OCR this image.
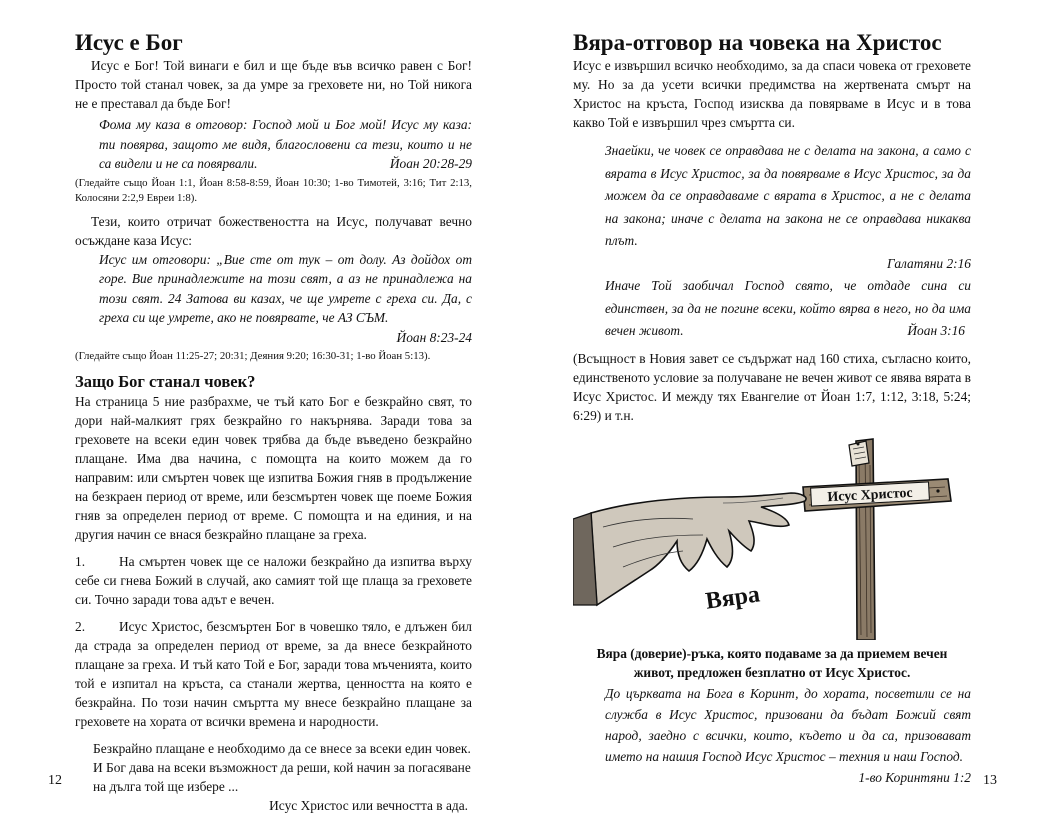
Исус е Бог

Исус е Бог! Той винаги е бил и ще бъде във всичко равен с Бог! Просто той станал човек, за да умре за греховете ни, но Той никога не е преставал да бъде Бог!

Фома му каза в отговор: Господ мой и Бог мой! Исус му каза: ти повярва, защото ме видя, благословени са тези, които и не са видели и не са повярвали.	Йоан 20:28-29

(Гледайте също Йоан 1:1, Йоан 8:58-8:59, Йоан 10:30; 1-во Тимотей, 3:16; Тит 2:13, Колосяни 2:2,9 Евреи 1:8).

Тези, които отричат божествеността на Исус, получават вечно осъждане каза Исус:

Исус им отговори: „Вие сте от тук – от долу. Аз дойдох от горе. Вие принадлежите на този свят, а аз не принадлежа на този свят. 24 Затова ви казах, че ще умрете с греха си. Да, с греха си ще умрете, ако не повярвате, че АЗ СЪМ.

Йоан 8:23-24

(Гледайте също Йоан 11:25-27; 20:31; Деяния 9:20; 16:30-31; 1-во Йоан 5:13).

Защо Бог станал човек?

На страница 5 ние разбрахме, че тъй като Бог е безкрайно свят, то дори най-малкият грях безкрайно го накърнява. Заради това за греховете на всеки един човек трябва да бъде въведено безкрайно плащане. Има два начина, с помощта на които можем да го направим: или смъртен човек ще изпитва Божия гняв в продължение на безкраен период от време, или безсмъртен човек ще поеме Божия гняв за определен период от време. С помощта и на единия, и на другия начин се внася безкрайно плащане за греха.

1.	На смъртен човек ще се наложи безкрайно да изпитва върху себе си гнева Божий в случай, ако самият той ще плаща за греховете си. Точно заради това адът е вечен.

2.	Исус Христос, безсмъртен Бог в човешко тяло, е длъжен бил да страда за определен период от време, за да внесе безкрайното плащане за греха. И тъй като Той е Бог, заради това мъченията, които той е изпитал на кръста, са станали жертва, ценността на която е безкрайна. По този начин смъртта му внесе безкрайно плащане за греховете на хората от всички времена и народности.

Безкрайно плащане е необходимо да се внесе за всеки един човек. И Бог дава на всеки възможност да реши, кой начин за погасяване на дълга той ще избере ...

Исус Христос или вечността в ада.

12
Вяра-отговор на човека на Христос

Исус е извършил всичко необходимо, за да спаси човека от греховете му. Но за да усети всички предимства на жертвената смърт на Христос на кръста, Господ изисква да повярваме в Исус и в това какво Той е извършил чрез смъртта си.

Знаейки, че човек се оправдава не с делата на закона, а само с вярата в Исус Христос, за да повярваме в Исус Христос, за да можем да се оправдаваме с вярата в Христос, а не с делата на закона; иначе с делата на закона не се оправдава никаква плът.

Галатяни 2:16

Иначе Той заобичал Господ свято, че отдаде сина си единствен, за да не погине всеки, който вярва в него, но да има вечен живот.	Йоан 3:16

(Всъщност в Новия завет се съдържат над 160 стиха, съгласно които, единственото условие за получаване не вечен живот се явява вярата в Исус Христос. И между тях Евангелие от Йоан 1:7, 1:12, 3:18, 5:24; 6:29) и т.н.

Исус Христос
Вяра

Вяра (доверие)-ръка, която подаваме за да приемем вечен живот, предложен безплатно от Исус Христос.

До църквата на Бога в Коринт, до хората, посветили се на служба в Исус Христос, призовани да бъдат Божий свят народ, заедно с всички, които, където и да са, призовават името на нашия Господ Исус Христос – техния и наш Господ.
1-во Коринтяни 1:2 13
